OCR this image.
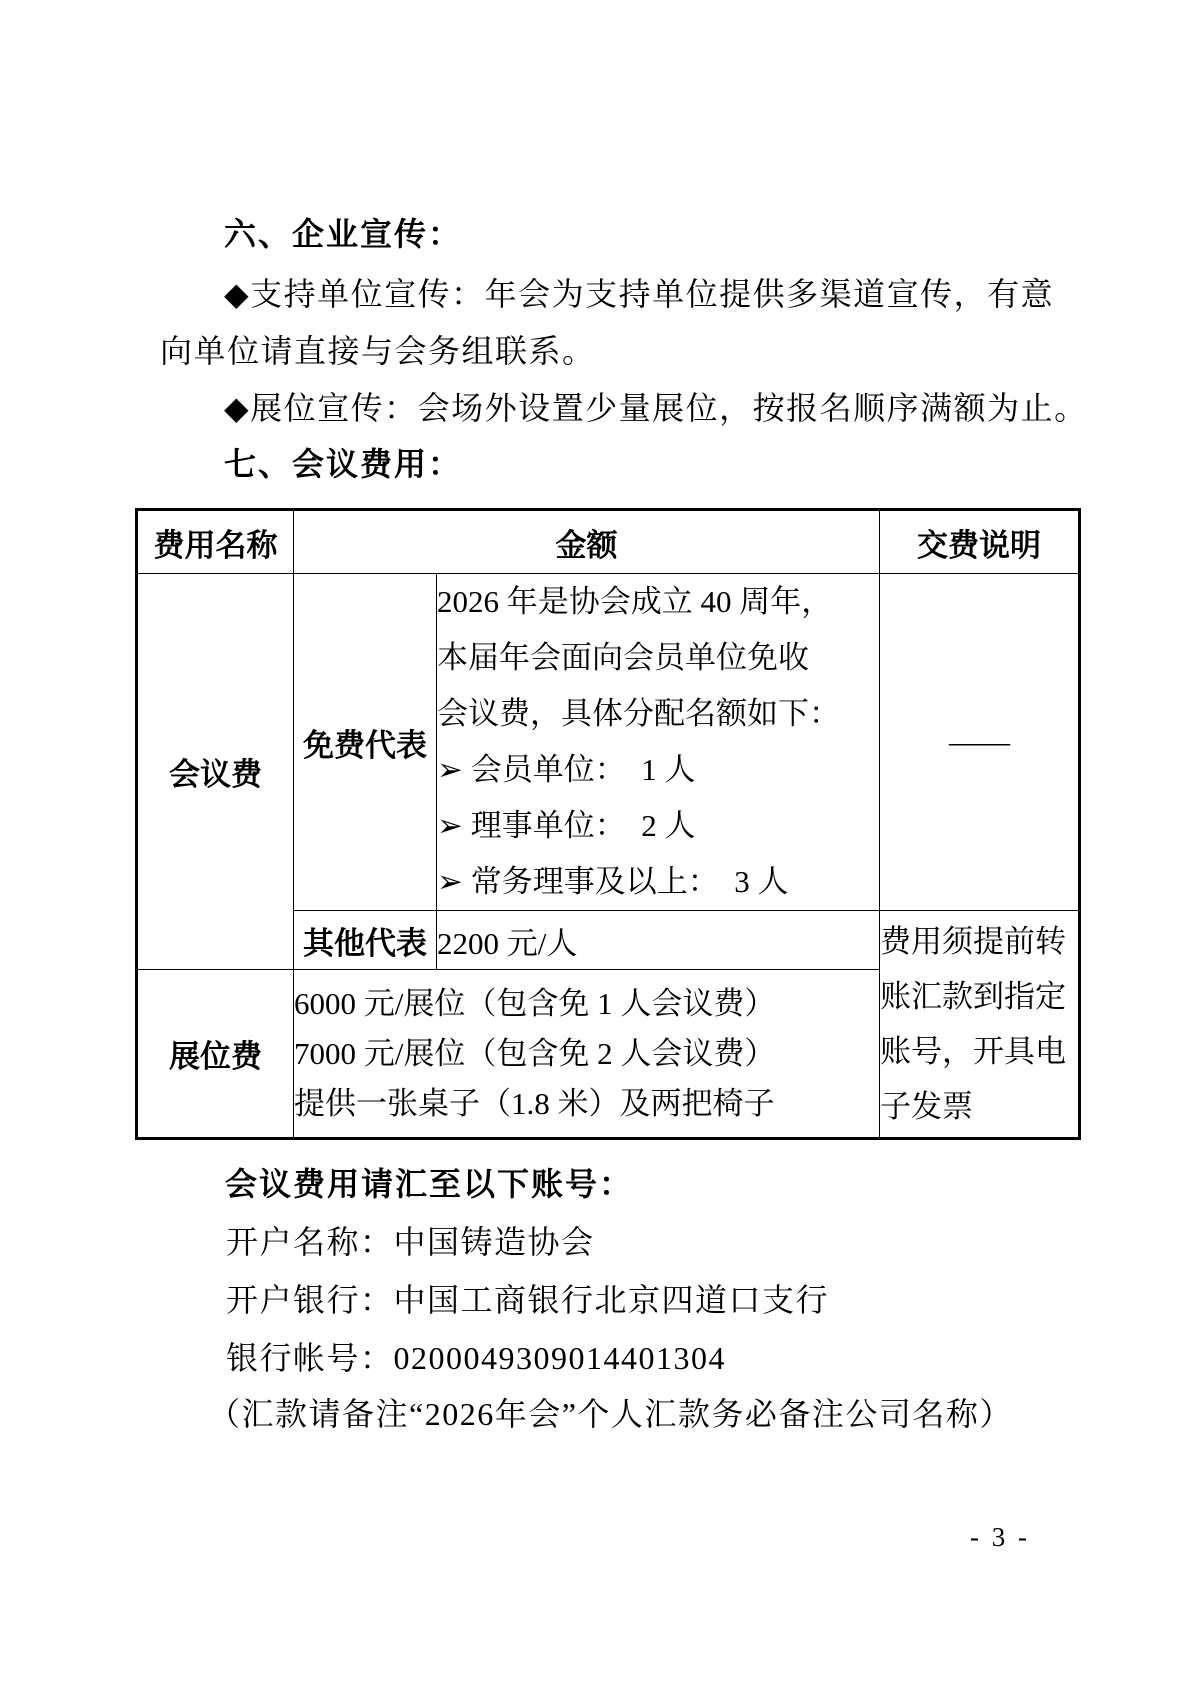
六、企业宣传：
◆支持单位宣传：年会为支持单位提供多渠道宣传，有意
向单位请直接与会务组联系。
◆展位宣传：会场外设置少量展位，按报名顺序满额为止。
七、会议费用：
费用名称	金额		交费说明
会议费	免费代表	
2026 年是协会成立 40 周年，
本届年会面向会员单位免收
会议费，具体分配名额如下：
➢ 会员单位：　1 人
➢ 理事单位：　2 人
➢ 常务理事及以上：　3 人
	——
	其他代表	2200 元/人	费用须提前转
账汇款到指定
账号，开具电
子发票

展位费	6000 元/展位（包含免 1 人会议费）
7000 元/展位（包含免 2 人会议费）
提供一张桌子（1.8 米）及两把椅子		
会议费用请汇至以下账号：
开户名称：中国铸造协会
开户银行：中国工商银行北京四道口支行
银行帐号：0200049309014401304
（汇款请备注“2026年会”个人汇款务必备注公司名称）
- 3 -
